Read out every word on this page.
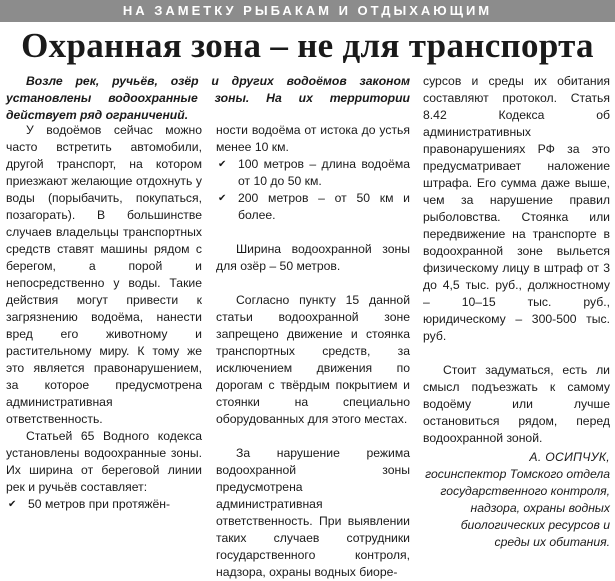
НА ЗАМЕТКУ РЫБАКАМ И ОТДЫХАЮЩИМ
Охранная зона – не для транспорта

Возле рек, ручьёв, озёр и других водоёмов законом установлены водоохранные зоны. На их территории действует ряд ограничений.

У водоёмов сейчас можно часто встретить автомобили, другой транспорт, на котором приезжают желающие отдохнуть у воды (порыбачить, покупаться, позагорать). В большинстве случаев владельцы транспортных средств ставят машины рядом с берегом, а порой и непосредственно у воды. Такие действия могут привести к загрязнению водоёма, нанести вред его животному и растительному миру. К тому же это является правонарушением, за которое предусмотрена административная ответственность.

Статьей 65 Водного кодекса установлены водоохранные зоны. Их ширина от береговой линии рек и ручьёв составляет:

✔ 50 метров при протяжён-

ности водоёма от истока до устья менее 10 км.

✔ 100 метров – длина водоёма от 10 до 50 км.
✔ 200 метров – от 50 км и более.

Ширина водоохранной зоны для озёр – 50 метров.

Согласно пункту 15 данной статьи водоохранной зоне запрещено движение и стоянка транспортных средств, за исключением движения по дорогам с твёрдым покрытием и стоянки на специально оборудованных для этого местах.

За нарушение режима водоохранной зоны предусмотрена административная ответственность. При выявлении таких случаев сотрудники государственного контроля, надзора, охраны водных биоре-

сурсов и среды их обитания составляют протокол. Статья 8.42 Кодекса об административных правонарушениях РФ за это предусматривает наложение штрафа. Его сумма даже выше, чем за нарушение правил рыболовства. Стоянка или передвижение на транспорте в водоохранной зоне выльется физическому лицу в штраф от 3 до 4,5 тыс. руб., должностному – 10–15 тыс. руб., юридическому – 300-500 тыс. руб.

Стоит задуматься, есть ли смысл подъезжать к самому водоёму или лучше остановиться рядом, перед водоохранной зоной.

А. ОСИПЧУК,
госинспектор Томского отдела государственного контроля, надзора, охраны водных биологических ресурсов и среды их обитания.
